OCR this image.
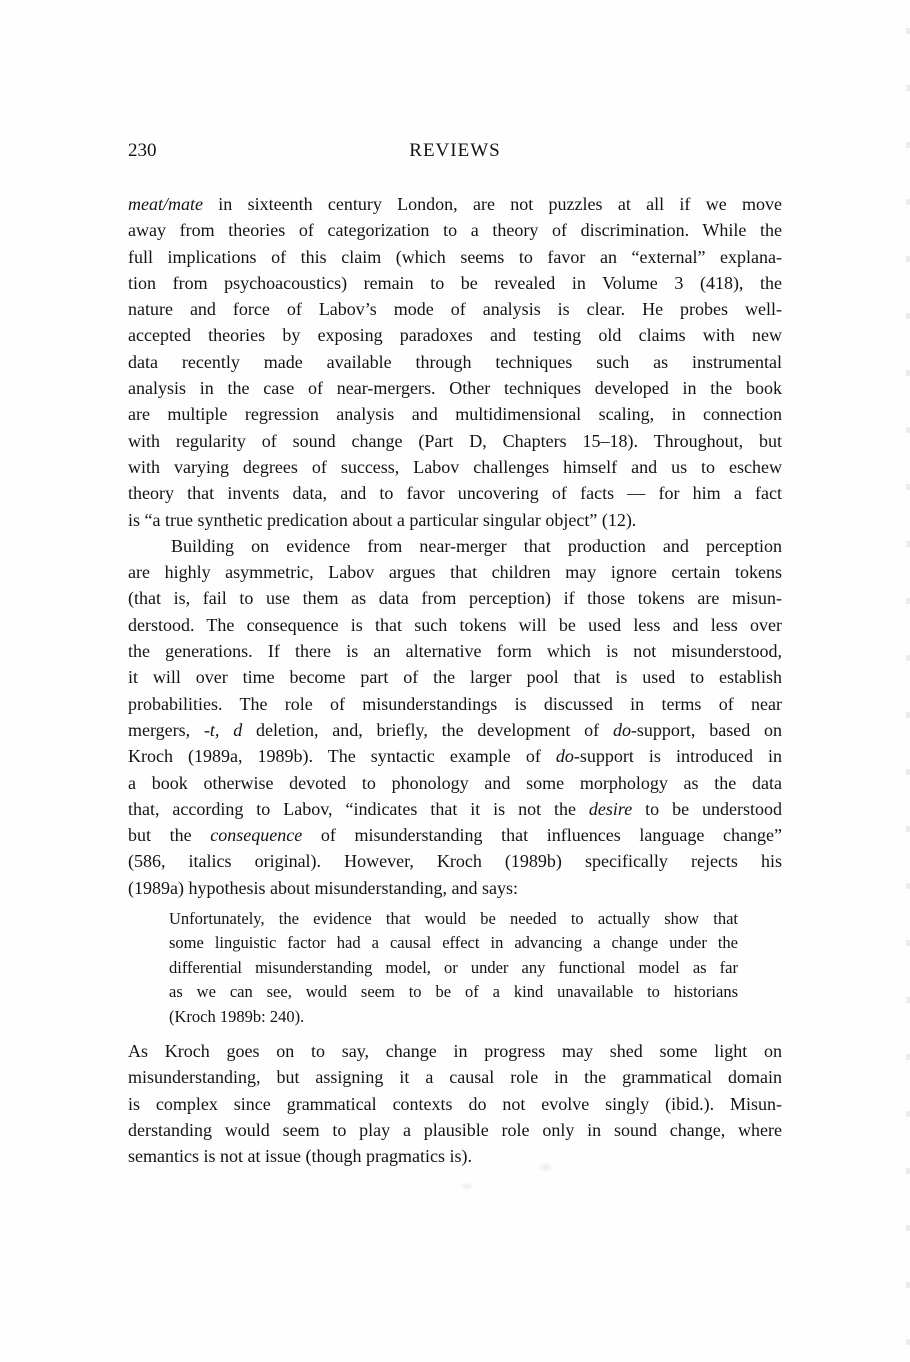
230	REVIEWS
meat/mate in sixteenth century London, are not puzzles at all if we move
away from theories of categorization to a theory of discrimination. While the
full implications of this claim (which seems to favor an “external” explana-
tion from psychoacoustics) remain to be revealed in Volume 3 (418), the
nature and force of Labov’s mode of analysis is clear. He probes well-
accepted theories by exposing paradoxes and testing old claims with new
data recently made available through techniques such as instrumental
analysis in the case of near-mergers. Other techniques developed in the book
are multiple regression analysis and multidimensional scaling, in connection
with regularity of sound change (Part D, Chapters 15–18). Throughout, but
with varying degrees of success, Labov challenges himself and us to eschew
theory that invents data, and to favor uncovering of facts — for him a fact
is “a true synthetic predication about a particular singular object” (12).
Building on evidence from near-merger that production and perception
are highly asymmetric, Labov argues that children may ignore certain tokens
(that is, fail to use them as data from perception) if those tokens are misun-
derstood. The consequence is that such tokens will be used less and less over
the generations. If there is an alternative form which is not misunderstood,
it will over time become part of the larger pool that is used to establish
probabilities. The role of misunderstandings is discussed in terms of near
mergers, -t, d deletion, and, briefly, the development of do-support, based on
Kroch (1989a, 1989b). The syntactic example of do-support is introduced in
a book otherwise devoted to phonology and some morphology as the data
that, according to Labov, “indicates that it is not the desire to be understood
but the consequence of misunderstanding that influences language change”
(586, italics original). However, Kroch (1989b) specifically rejects his
(1989a) hypothesis about misunderstanding, and says:
Unfortunately, the evidence that would be needed to actually show that
some linguistic factor had a causal effect in advancing a change under the
differential misunderstanding model, or under any functional model as far
as we can see, would seem to be of a kind unavailable to historians
(Kroch 1989b: 240).
As Kroch goes on to say, change in progress may shed some light on
misunderstanding, but assigning it a causal role in the grammatical domain
is complex since grammatical contexts do not evolve singly (ibid.). Misun-
derstanding would seem to play a plausible role only in sound change, where
semantics is not at issue (though pragmatics is).
